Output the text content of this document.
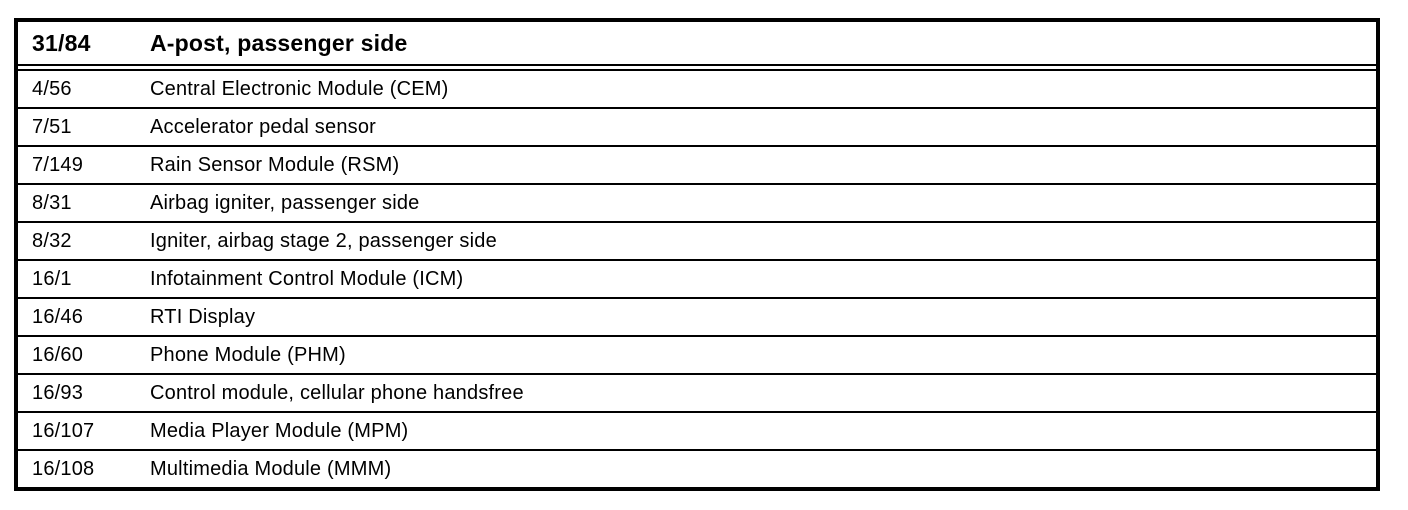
31/84	A-post, passenger side
4/56	Central Electronic Module (CEM)
7/51	Accelerator pedal sensor
7/149	Rain Sensor Module (RSM)
8/31	Airbag igniter, passenger side
8/32	Igniter, airbag stage 2, passenger side
16/1	Infotainment Control Module (ICM)
16/46	RTI Display
16/60	Phone Module (PHM)
16/93	Control module, cellular phone handsfree
16/107	Media Player Module (MPM)
16/108	Multimedia Module (MMM)
